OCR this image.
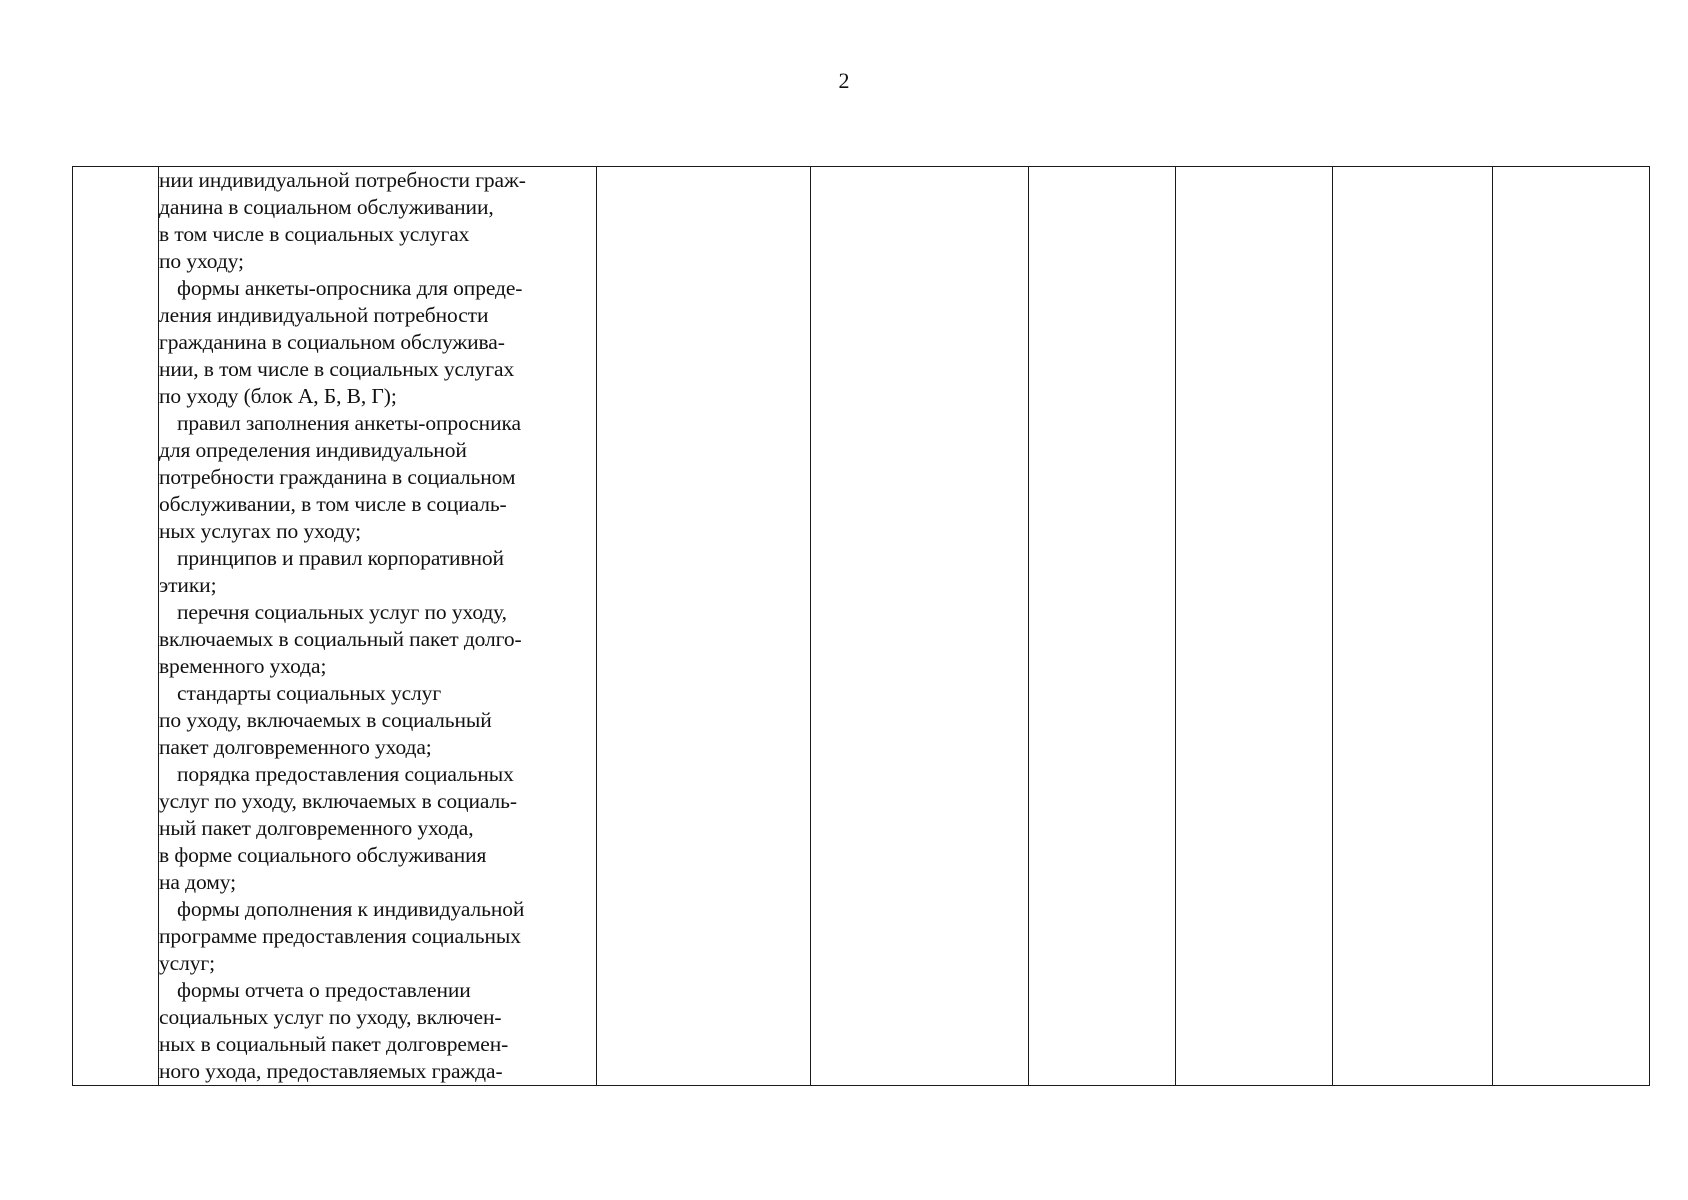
2

нии индивидуальной потребности граж-
данина в социальном обслуживании,
в том числе в социальных услугах
по уходу;
формы анкеты-опросника для опреде-
ления индивидуальной потребности
гражданина в социальном обслужива-
нии, в том числе в социальных услугах
по уходу (блок А, Б, В, Г);
правил заполнения анкеты-опросника
для определения индивидуальной
потребности гражданина в социальном
обслуживании, в том числе в социаль-
ных услугах по уходу;
принципов и правил корпоративной
этики;
перечня социальных услуг по уходу,
включаемых в социальный пакет долго-
временного ухода;
стандарты социальных услуг
по уходу, включаемых в социальный
пакет долговременного ухода;
порядка предоставления социальных
услуг по уходу, включаемых в социаль-
ный пакет долговременного ухода,
в форме социального обслуживания
на дому;
формы дополнения к индивидуальной
программе предоставления социальных
услуг;
формы отчета о предоставлении
социальных услуг по уходу, включен-
ных в социальный пакет долговремен-
ного ухода, предоставляемых гражда-
